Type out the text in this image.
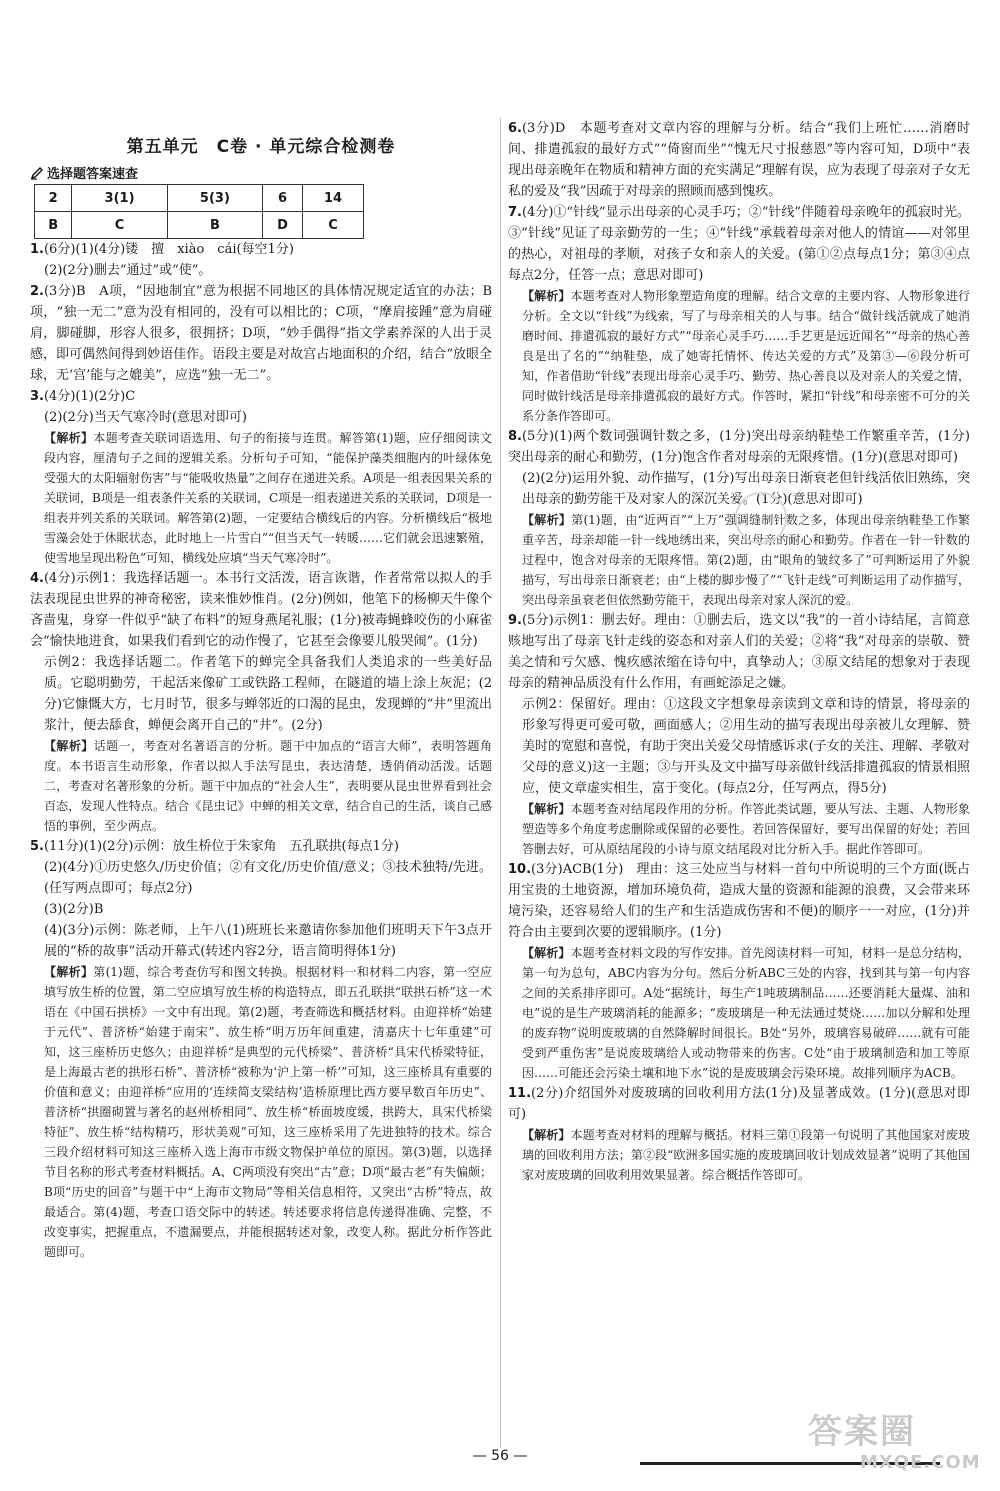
第五单元　C卷 · 单元综合检测卷
选择题答案速查
2	3(1)	5(3)	6	14
B	C	B	D	C

1.(6分)(1)(4分)镂　擅　xiào　cái(每空1分)

(2)(2分)删去“通过”或“使”。

2.(3分)B　A项，“因地制宜”意为根据不同地区的具体情况规定适宜的办法；B项，“独一无二”意为没有相同的，没有可以相比的；C项，“摩肩接踵”意为肩碰肩，脚碰脚，形容人很多，很拥挤；D项，“妙手偶得”指文学素养深的人出于灵感，即可偶然间得到妙语佳作。语段主要是对故宫占地面积的介绍，结合“放眼全球，无‘宫’能与之媲美”，应选“独一无二”。

3.(4分)(1)(2分)C

(2)(2分)当天气寒冷时(意思对即可)

【解析】本题考查关联词语选用、句子的衔接与连贯。解答第(1)题，应仔细阅读文段内容，厘清句子之间的逻辑关系。分析句子可知，“能保护藻类细胞内的叶绿体免受强大的太阳辐射伤害”与“能吸收热量”之间存在递进关系。A项是一组表因果关系的关联词，B项是一组表条件关系的关联词，C项是一组表递进关系的关联词，D项是一组表并列关系的关联词。解答第(2)题，一定要结合横线后的内容。分析横线后“极地雪藻会处于休眠状态，此时地上一片雪白”“但当天气一转暖……它们就会迅速繁殖，使雪地呈现出粉色”可知，横线处应填“当天气寒冷时”。

4.(4分)示例1：我选择话题一。本书行文活泼，语言诙谐，作者常常以拟人的手法表现昆虫世界的神奇秘密，读来惟妙惟肖。(2分)例如，他笔下的杨柳天牛像个吝啬鬼，身穿一件似乎“缺了布料”的短身燕尾礼服；(1分)被毒蝇蜂咬伤的小麻雀会“愉快地进食，如果我们看到它的动作慢了，它甚至会像要儿般哭闹”。(1分)

示例2：我选择话题二。作者笔下的蝉完全具备我们人类追求的一些美好品质。它聪明勤劳，干起活来像矿工或铁路工程师，在隧道的墙上涂上灰泥；(2分)它慷慨大方，七月时节，很多与蝉邻近的口渴的昆虫，发现蝉的“井”里流出浆汁，便去舔食，蝉便会离开自己的“井”。(2分)

【解析】话题一，考查对名著语言的分析。题干中加点的“语言大师”，表明答题角度。本书语言生动形象，作者以拟人手法写昆虫，表达清楚，透俏俏动活泼。话题二，考查对名著形象的分析。题干中加点的“社会人生”，表明要从昆虫世界看到社会百态，发现人性特点。结合《昆虫记》中蝉的相关文章，结合自己的生活，谈自己感悟的事例，至少两点。

5.(11分)(1)(2分)示例：放生桥位于朱家角　五孔联拱(每点1分)

(2)(4分)①历史悠久/历史价值；②有文化/历史价值/意义；③技术独特/先进。(任写两点即可；每点2分)

(3)(2分)B

(4)(3分)示例：陈老师，上午八(1)班班长来邀请你参加他们班明天下午3点开展的“桥的故事”活动开幕式(转述内容2分，语言简明得体1分)

【解析】第(1)题，综合考查仿写和图文转换。根据材料一和材料二内容，第一空应填写放生桥的位置，第二空应填写放生桥的构造特点，即五孔联拱“联拱石桥”这一术语在《中国石拱桥》一文中有出现。第(2)题，考查筛选和概括材料。由迎祥桥“始建于元代”、普济桥“始建于南宋”、放生桥“明万历年间重建，清嘉庆十七年重建”可知，这三座桥历史悠久；由迎祥桥“是典型的元代桥梁”、普济桥“具宋代桥梁特征，是上海最古老的拱形石桥”、普济桥“被称为‘沪上第一桥’”可知，这三座桥具有重要的价值和意义；由迎祥桥“应用的‘连续简支梁结构’造桥原理比西方要早数百年历史”、普济桥“拱圈砌置与著名的赵州桥相同”、放生桥“桥面坡度缓，拱跨大，具宋代桥梁特征”、放生桥“结构精巧，形状美观”可知，这三座桥采用了先进独特的技术。综合三段介绍材料可知这三座桥入选上海市市级文物保护单位的原因。第(3)题，以选择节目名称的形式考查材料概括。A、C两项没有突出“古”意；D项“最古老”有失偏颇；B项“历史的回音”与题干中“上海市文物局”等相关信息相符，又突出“古桥”特点，故最适合。第(4)题，考查口语交际中的转述。转述要求将信息传递得准确、完整，不改变事实，把握重点，不遗漏要点，并能根据转述对象，改变人称。据此分析作答此题即可。

6.(3分)D　本题考查对文章内容的理解与分析。结合“我们上班忙……消磨时间、排遣孤寂的最好方式”“倚窗而坐”“愧无尺寸报慈恩”等内容可知，D项中“表现出母亲晚年在物质和精神方面的充实满足”理解有误，应为表现了母亲对子女无私的爱及“我”因疏于对母亲的照顾而感到愧疚。

7.(4分)①“针线”显示出母亲的心灵手巧；②“针线”伴随着母亲晚年的孤寂时光。③“针线”见证了母亲勤劳的一生；④“针线”承载着母亲对他人的情谊——对邻里的热心，对祖母的孝顺，对孩子女和亲人的关爱。(第①②点每点1分；第③④点每点2分，任答一点；意思对即可)

【解析】本题考查对人物形象塑造角度的理解。结合文章的主要内容、人物形象进行分析。全文以“针线”为线索，写了与母亲相关的人与事。结合“做针线活就成了她消磨时间、排遣孤寂的最好方式”“母亲心灵手巧……手艺更是远近闻名”“母亲的热心善良是出了名的”“纳鞋垫，成了她寄托情怀、传达关爱的方式”及第③—⑥段分析可知，作者借助“针线”表现出母亲心灵手巧、勤劳、热心善良以及对亲人的关爱之情，同时做针线活是母亲排遣孤寂的最好方式。作答时，紧扣“针线”和母亲密不可分的关系分条作答即可。

8.(5分)(1)两个数词强调针数之多，(1分)突出母亲纳鞋垫工作繁重辛苦，(1分)突出母亲的耐心和勤劳，(1分)饱含作者对母亲的无限疼惜。(1分)(意思对即可)

(2)(2分)运用外貌、动作描写，(1分)写出母亲日渐衰老但针线活依旧熟练，突出母亲的勤劳能干及对家人的深沉关爱。(1分)(意思对即可)

【解析】第(1)题，由“近两百”“上万”强调缝制针数之多，体现出母亲纳鞋垫工作繁重辛苦，母亲却能一针一线地绣出来，突出母亲的耐心和勤劳。作者在一针一针数的过程中，饱含对母亲的无限疼惜。第(2)题，由“眼角的皱纹多了”可判断运用了外貌描写，写出母亲日渐衰老；由“上楼的脚步慢了”“飞针走线”可判断运用了动作描写，突出母亲虽衰老但依然勤劳能干，表现出母亲对家人深沉的爱。

9.(5分)示例1：删去好。理由：①删去后，选文以“我”的一首小诗结尾，言简意赅地写出了母亲飞针走线的姿态和对亲人们的关爱；②将“我”对母亲的崇敬、赞美之情和亏欠感、愧疚感浓缩在诗句中，真挚动人；③原文结尾的想象对于表现母亲的精神品质没有什么作用，有画蛇添足之嫌。

示例2：保留好。理由：①这段文字想象母亲读到文章和诗的情景，将母亲的形象写得更可爱可敬，画面感人；②用生动的描写表现出母亲被儿女理解、赞美时的宽慰和喜悦，有助于突出关爱父母情感诉求(子女的关注、理解、孝敬对父母的意义)这一主题；③与开头及文中描写母亲做针线活排遣孤寂的情景相照应，使文章虚实相生，富于变化。(每点2分，任写两点，得5分)

【解析】本题考查对结尾段作用的分析。作答此类试题，要从写法、主题、人物形象塑造等多个角度考虑删除或保留的必要性。若回答保留好，要写出保留的好处；若回答删去好，可从原结尾段的小诗与原文结尾段对比分析入手。据此作答即可。

10.(3分)ACB(1分)　理由：这三处应当与材料一首句中所说明的三个方面(既占用宝贵的土地资源，增加环境负荷，造成大量的资源和能源的浪费，又会带来环境污染，还容易给人们的生产和生活造成伤害和不便)的顺序一一对应，(1分)并符合由主要到次要的逻辑顺序。(1分)

【解析】本题考查材料文段的写作安排。首先阅读材料一可知，材料一是总分结构，第一句为总句，ABC内容为分句。然后分析ABC三处的内容，找到其与第一句内容之间的关系排序即可。A处“据统计，每生产1吨玻璃制品……还要消耗大量煤、油和电”说的是生产玻璃消耗的能源多；“废玻璃是一种无法通过焚烧……加以分解和处理的废弃物”说明废玻璃的自然降解时间很长。B处“另外，玻璃容易破碎……就有可能受到严重伤害”是说废玻璃给人或动物带来的伤害。C处“由于玻璃制造和加工等原因……可能还会污染土壤和地下水”说的是废玻璃会污染环境。故排列顺序为ACB。

11.(2分)介绍国外对废玻璃的回收利用方法(1分)及显著成效。(1分)(意思对即可)

【解析】本题考查对材料的理解与概括。材料三第①段第一句说明了其他国家对废玻璃的回收利用方法；第②段“欧洲多国实施的废玻璃回收计划成效显著”说明了其他国家对废玻璃的回收利用效果显著。综合概括作答即可。

— 56 —
答案圈
MXQE.COM
